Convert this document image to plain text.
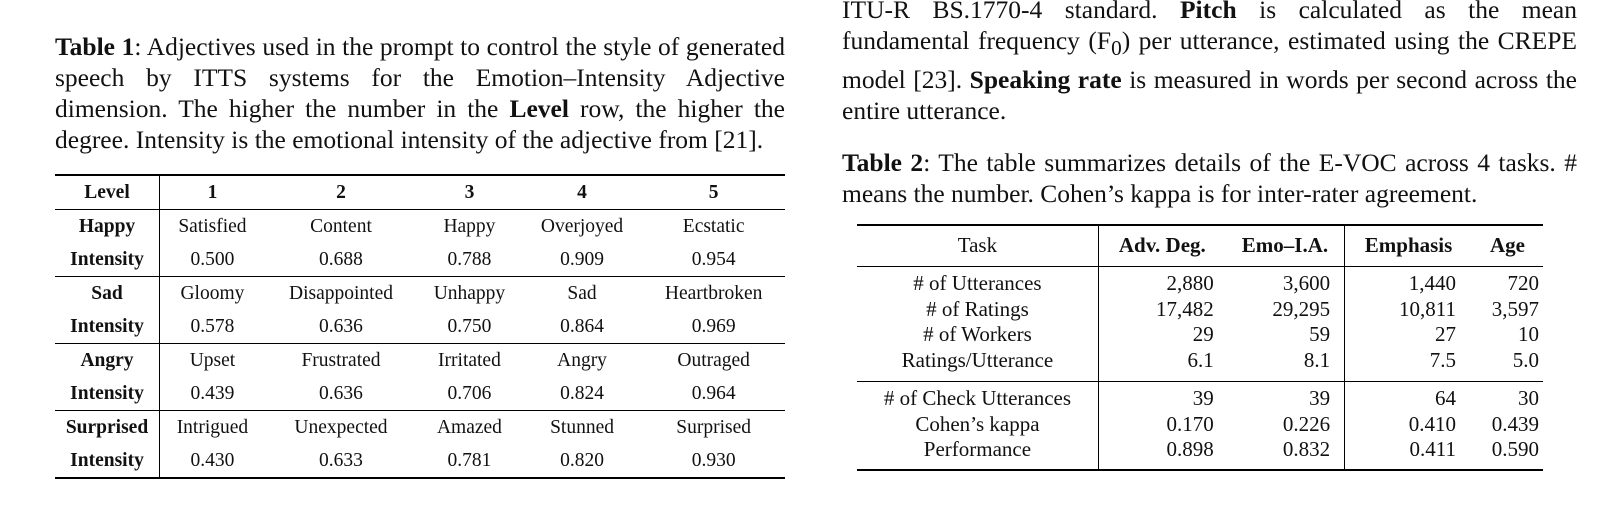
Table 1: Adjectives used in the prompt to control the style of generated speech by ITTS systems for the Emotion–Intensity Adjective dimension. The higher the number in the Level row, the higher the degree. Intensity is the emotional intensity of the adjective from [21].

Level	1	2	3	4	5
Happy	Satisfied	Content	Happy	Overjoyed	Ecstatic
Intensity	0.500	0.688	0.788	0.909	0.954
Sad	Gloomy	Disappointed	Unhappy	Sad	Heartbroken
Intensity	0.578	0.636	0.750	0.864	0.969
Angry	Upset	Frustrated	Irritated	Angry	Outraged
Intensity	0.439	0.636	0.706	0.824	0.964
Surprised	Intrigued	Unexpected	Amazed	Stunned	Surprised
Intensity	0.430	0.633	0.781	0.820	0.930

ITU-R BS.1770-4 standard. Pitch is calculated as the mean fundamental frequency $(F_0)$ per utterance, estimated using the CREPE model [23]. Speaking rate is measured in words per second across the entire utterance.

Table 2: The table summarizes details of the E-VOC across 4 tasks. # means the number. Cohen’s kappa is for inter-rater agreement.

Task	Adv. Deg.	Emo–I.A.	Emphasis	Age
# of Utterances	2,880	3,600	1,440	720
# of Ratings	17,482	29,295	10,811	3,597
# of Workers	29	59	27	10
Ratings/Utterance	6.1	8.1	7.5	5.0
# of Check Utterances	39	39	64	30
Cohen’s kappa	0.170	0.226	0.410	0.439
Performance	0.898	0.832	0.411	0.590
